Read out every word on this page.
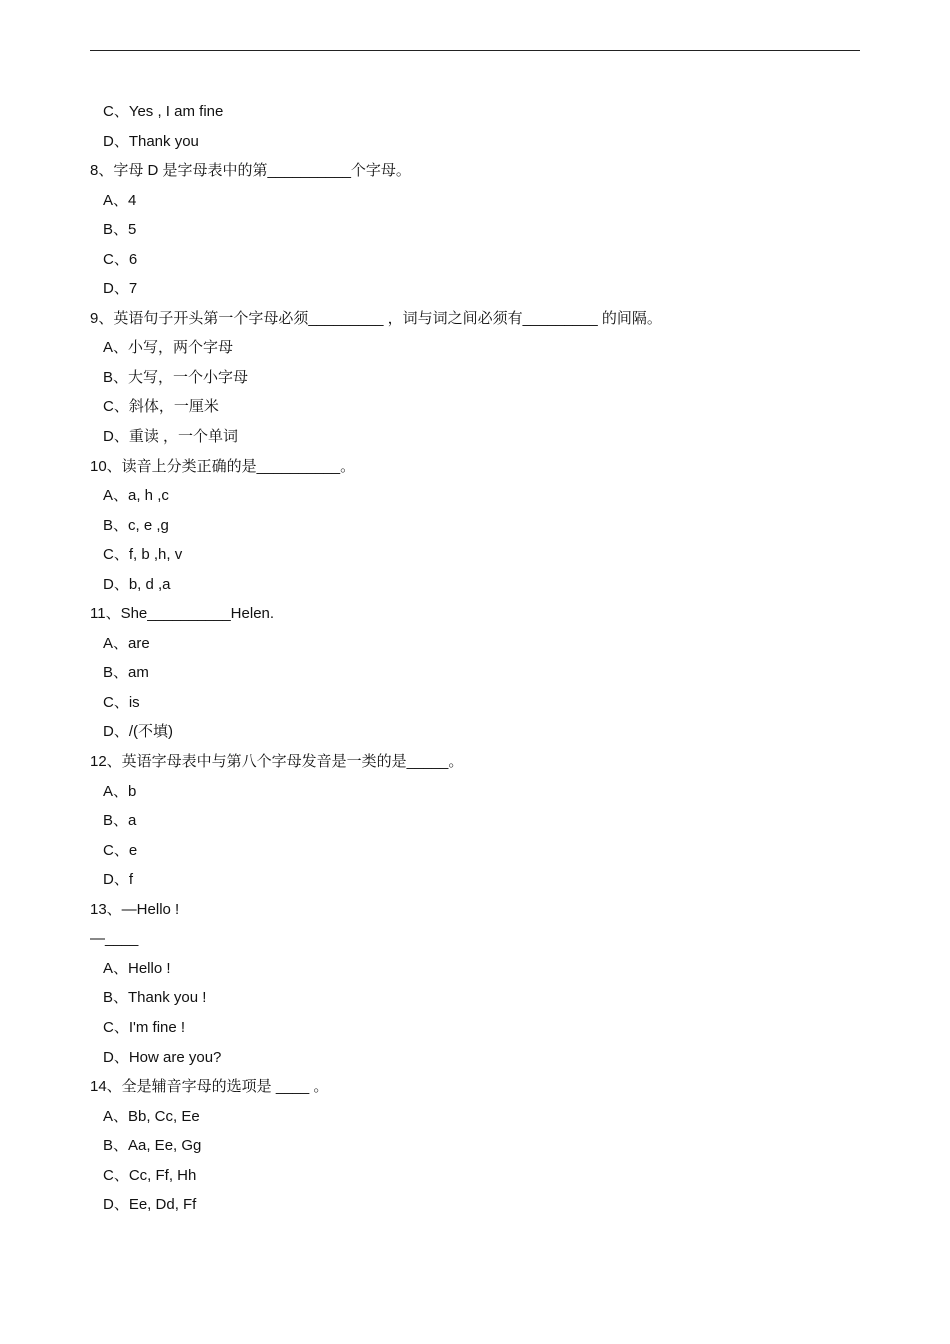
C、Yes , I am fine
D、Thank you
8、字母 D 是字母表中的第__________个字母。
A、4
B、5
C、6
D、7
9、英语句子开头第一个字母必须_________ ，词与词之间必须有_________ 的间隔。
A、小写，两个字母
B、大写，一个小字母
C、斜体，一厘米
D、重读 ，一个单词
10、读音上分类正确的是__________。
A、a, h ,c
B、c, e ,g
C、f, b ,h, v
D、b, d ,a
11、She__________Helen.
A、are
B、am
C、is
D、/(不填)
12、英语字母表中与第八个字母发音是一类的是_____。
A、b
B、a
C、e
D、f
13、—Hello !
—____
A、Hello !
B、Thank you !
C、I'm fine !
D、How are you?
14、全是辅音字母的选项是 ____ 。
A、Bb, Cc, Ee
B、Aa, Ee, Gg
C、Cc, Ff, Hh
D、Ee, Dd, Ff
